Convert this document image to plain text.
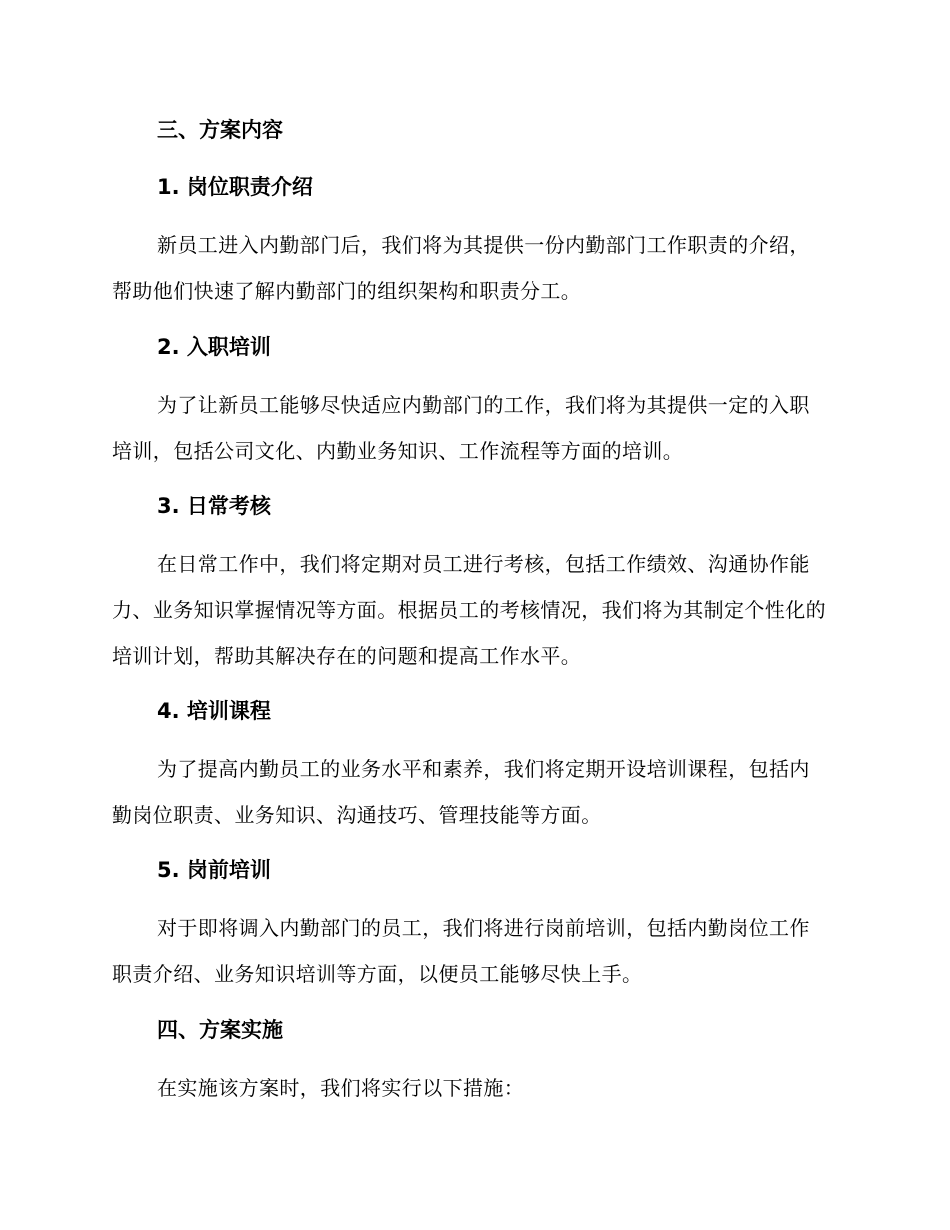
三、方案内容
1. 岗位职责介绍
新员工进入内勤部门后，我们将为其提供一份内勤部门工作职责的介绍，帮助他们快速了解内勤部门的组织架构和职责分工。
2. 入职培训
为了让新员工能够尽快适应内勤部门的工作，我们将为其提供一定的入职培训，包括公司文化、内勤业务知识、工作流程等方面的培训。
3. 日常考核
在日常工作中，我们将定期对员工进行考核，包括工作绩效、沟通协作能力、业务知识掌握情况等方面。根据员工的考核情况，我们将为其制定个性化的培训计划，帮助其解决存在的问题和提高工作水平。
4. 培训课程
为了提高内勤员工的业务水平和素养，我们将定期开设培训课程，包括内勤岗位职责、业务知识、沟通技巧、管理技能等方面。
5. 岗前培训
对于即将调入内勤部门的员工，我们将进行岗前培训，包括内勤岗位工作职责介绍、业务知识培训等方面，以便员工能够尽快上手。
四、方案实施
在实施该方案时，我们将实行以下措施：
